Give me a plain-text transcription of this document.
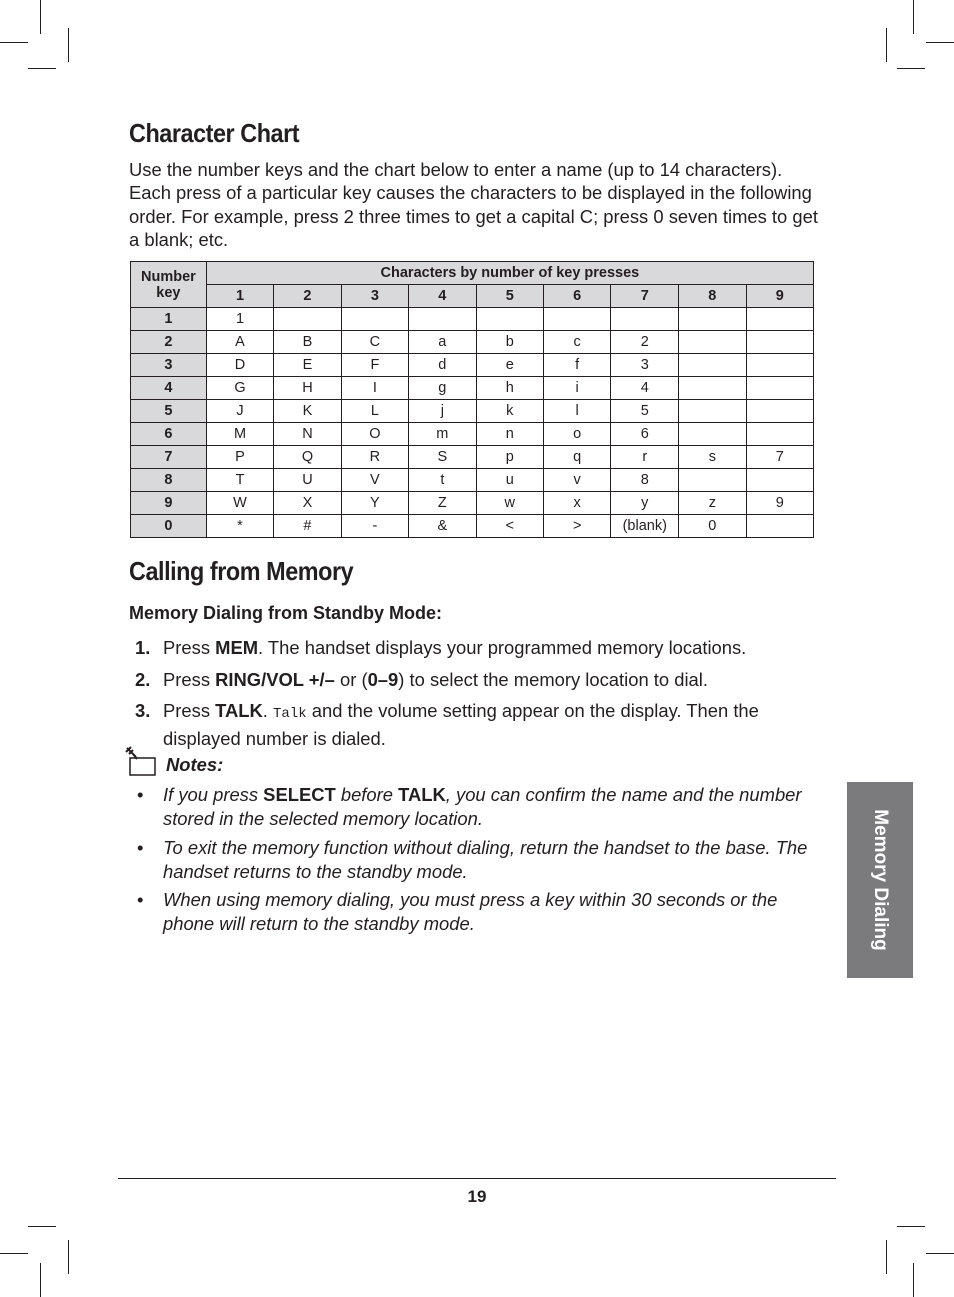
Character Chart

Use the number keys and the chart below to enter a name (up to 14 characters). Each press of a particular key causes the characters to be displayed in the following order. For example, press 2 three times to get a capital C; press 0 seven times to get a blank; etc.

Number key	Characters by number of key presses								
	1	2	3	4	5	6	7	8	9
1	1								
2	A	B	C	a	b	c	2		
3	D	E	F	d	e	f	3		
4	G	H	I	g	h	i	4		
5	J	K	L	j	k	l	5		
6	M	N	O	m	n	o	6		
7	P	Q	R	S	p	q	r	s	7
8	T	U	V	t	u	v	8		
9	W	X	Y	Z	w	x	y	z	9
0	*	#	-	&	<	>	(blank)	0	
Calling from Memory

Memory Dialing from Standby Mode:

1. Press MEM. The handset displays your programmed memory locations.
2. Press RING/VOL +/– or (0–9) to select the memory location to dial.
3. Press TALK. Talk and the volume setting appear on the display. Then the displayed number is dialed.
Notes:
• If you press SELECT before TALK, you can confirm the name and the number stored in the selected memory location.
• To exit the memory function without dialing, return the handset to the base. The handset returns to the standby mode.
• When using memory dialing, you must press a key within 30 seconds or the phone will return to the standby mode.	Memory Dialing
19
